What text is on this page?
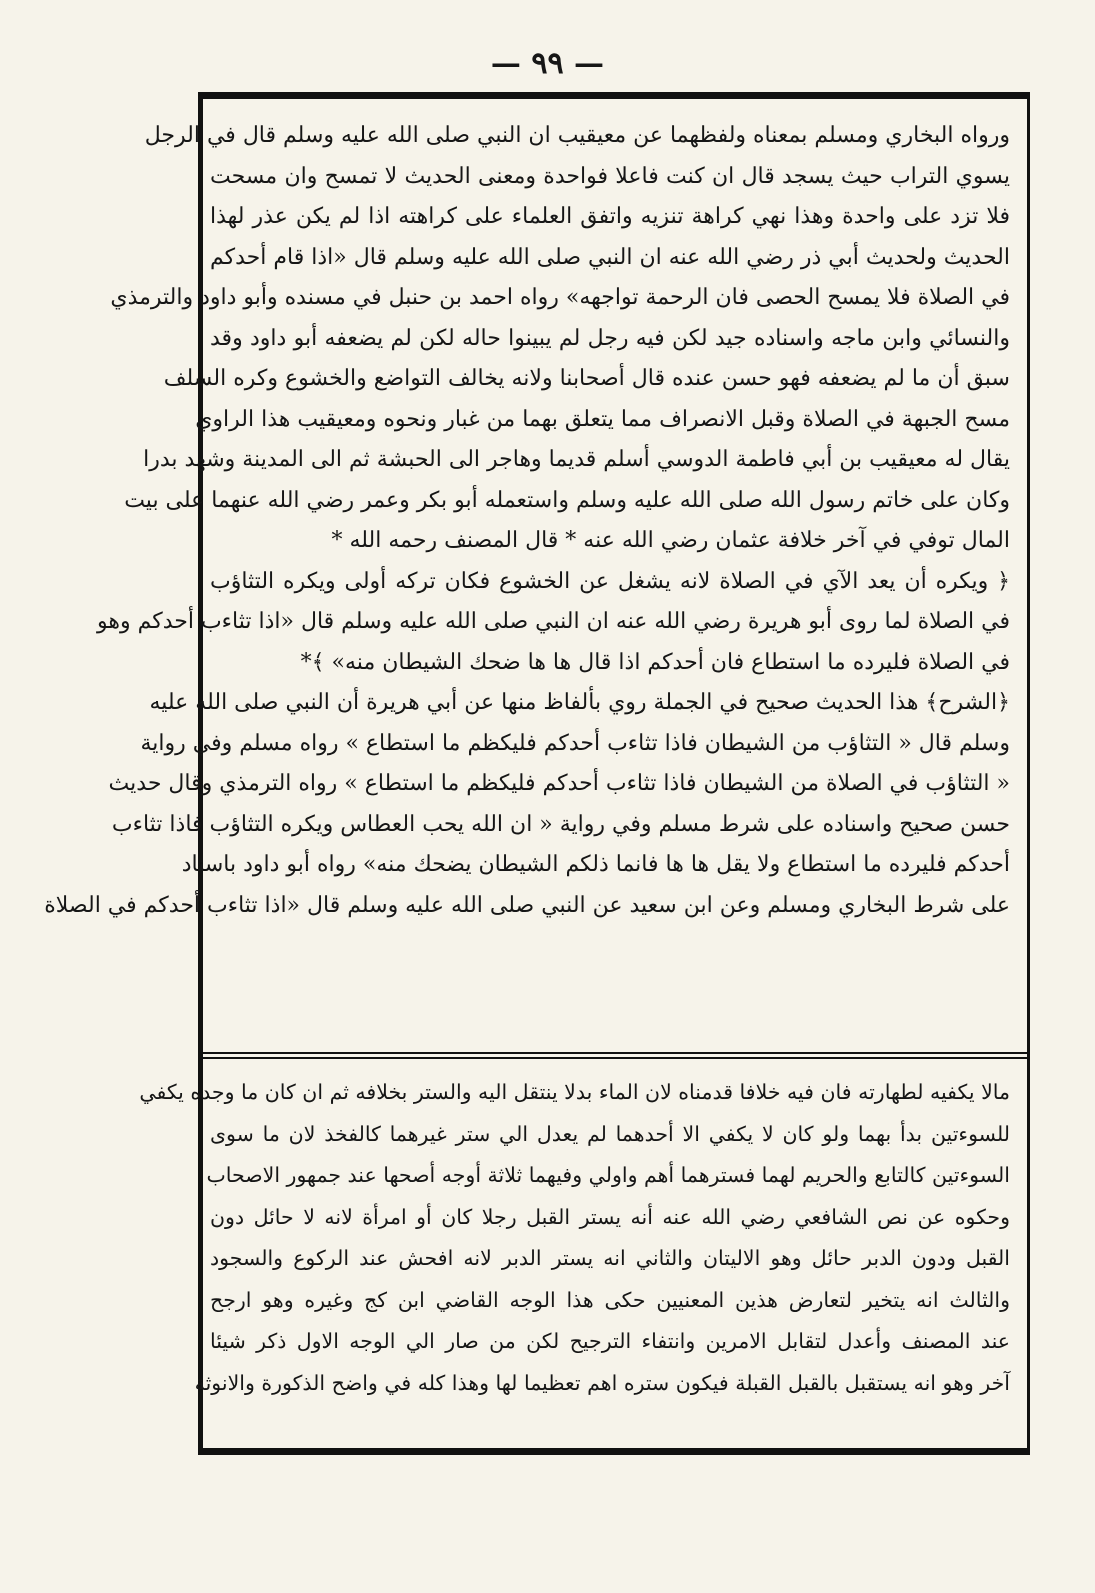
— ٩٩ —
ورواه البخاري ومسلم بمعناه ولفظهما عن معيقيب ان النبي صلى الله عليه وسلم قال في الرجل
يسوي التراب حيث يسجد قال ان كنت فاعلا فواحدة ومعنى الحديث لا تمسح وان مسحت
فلا تزد على واحدة وهذا نهي كراهة تنزيه واتفق العلماء على كراهته اذا لم يكن عذر لهذا
الحديث ولحديث أبي ذر رضي الله عنه ان النبي صلى الله عليه وسلم قال «اذا قام أحدكم
في الصلاة فلا يمسح الحصى فان الرحمة تواجهه» رواه احمد بن حنبل في مسنده وأبو داود والترمذي
والنسائي وابن ماجه واسناده جيد لكن فيه رجل لم يبينوا حاله لكن لم يضعفه أبو داود وقد
سبق أن ما لم يضعفه فهو حسن عنده قال أصحابنا ولانه يخالف التواضع والخشوع وكره السلف
مسح الجبهة في الصلاة وقبل الانصراف مما يتعلق بهما من غبار ونحوه ومعيقيب هذا الراوي
يقال له معيقيب بن أبي فاطمة الدوسي أسلم قديما وهاجر الى الحبشة ثم الى المدينة وشهد بدرا
وكان على خاتم رسول الله صلى الله عليه وسلم واستعمله أبو بكر وعمر رضي الله عنهما على بيت
المال توفي في آخر خلافة عثمان رضي الله عنه * قال المصنف رحمه الله *
﴿ ويكره أن يعد الآي في الصلاة لانه يشغل عن الخشوع فكان تركه أولى ويكره التثاؤب
في الصلاة لما روى أبو هريرة رضي الله عنه ان النبي صلى الله عليه وسلم قال «اذا تثاءب أحدكم وهو
في الصلاة فليرده ما استطاع فان أحدكم اذا قال ها ها ضحك الشيطان منه» ﴾*
﴿الشرح﴾ هذا الحديث صحيح في الجملة روي بألفاظ منها عن أبي هريرة أن النبي صلى الله عليه
وسلم قال « التثاؤب من الشيطان فاذا تثاءب أحدكم فليكظم ما استطاع » رواه مسلم وفي رواية
« التثاؤب في الصلاة من الشيطان فاذا تثاءب أحدكم فليكظم ما استطاع » رواه الترمذي وقال حديث
حسن صحيح واسناده على شرط مسلم وفي رواية « ان الله يحب العطاس ويكره التثاؤب فاذا تثاءب
أحدكم فليرده ما استطاع ولا يقل ها ها فانما ذلكم الشيطان يضحك منه» رواه أبو داود باسناد
على شرط البخاري ومسلم وعن ابن سعيد عن النبي صلى الله عليه وسلم قال «اذا تثاءب أحدكم في الصلاة
مالا يكفيه لطهارته فان فيه خلافا قدمناه لان الماء بدلا ينتقل اليه والستر بخلافه ثم ان كان ما وجده يكفي
للسوءتين بدأ بهما ولو كان لا يكفي الا أحدهما لم يعدل الي ستر غيرهما كالفخذ لان ما سوى
السوءتين كالتابع والحريم لهما فسترهما أهم واولي وفيهما ثلاثة أوجه أصحها عند جمهور الاصحاب
وحكوه عن نص الشافعي رضي الله عنه أنه يستر القبل رجلا كان أو امرأة لانه لا حائل دون
القبل ودون الدبر حائل وهو الاليتان والثاني انه يستر الدبر لانه افحش عند الركوع والسجود
والثالث انه يتخير لتعارض هذين المعنيين حكى هذا الوجه القاضي ابن كج وغيره وهو ارجح
عند المصنف وأعدل لتقابل الامرين وانتفاء الترجيح لكن من صار الي الوجه الاول ذكر شيئا
آخر وهو انه يستقبل بالقبل القبلة فيكون ستره اهم تعظيما لها وهذا كله في واضح الذكورة والانوثة
